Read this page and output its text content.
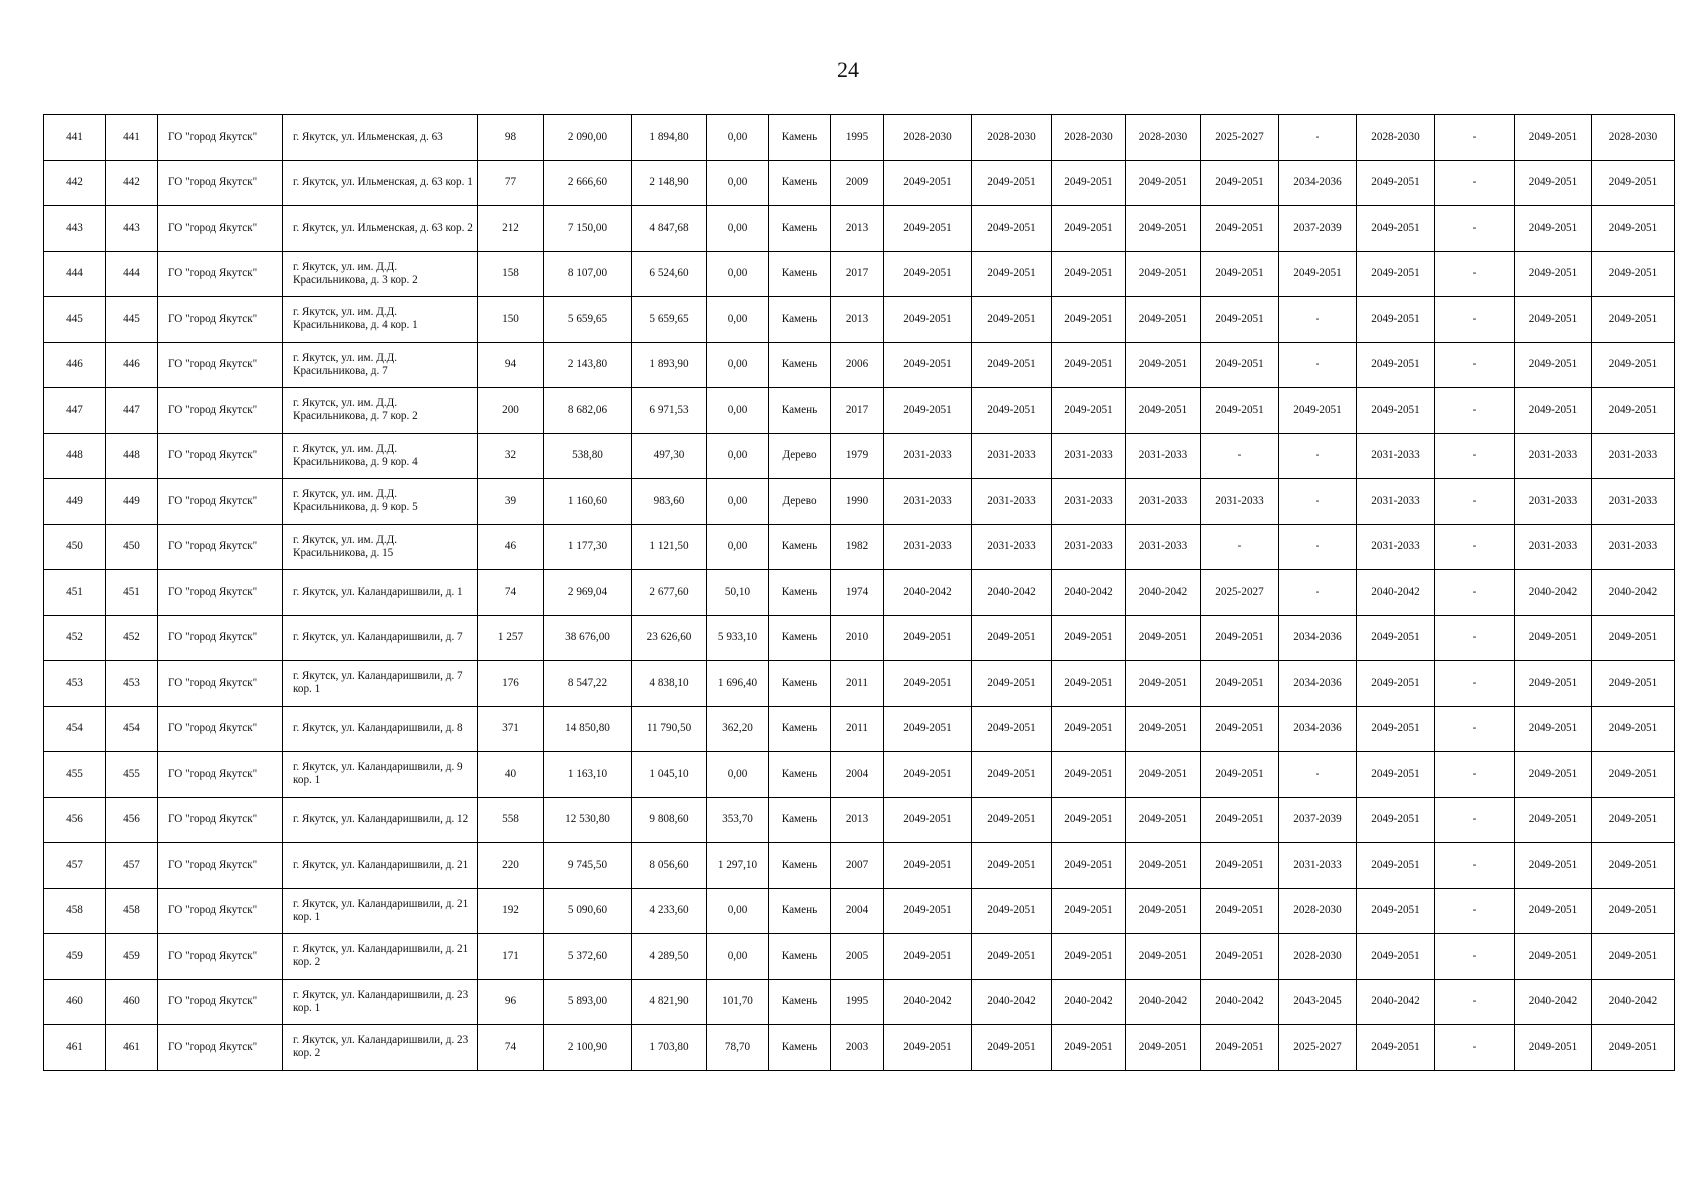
24
441	441	ГО "город Якутск"	г. Якутск, ул. Ильменская, д. 63	98	2 090,00	1 894,80	0,00	Камень	1995	2028-2030	2028-2030	2028-2030	2028-2030	2025-2027	-	2028-2030	-	2049-2051	2028-2030
442	442	ГО "город Якутск"	г. Якутск, ул. Ильменская, д. 63 кор. 1	77	2 666,60	2 148,90	0,00	Камень	2009	2049-2051	2049-2051	2049-2051	2049-2051	2049-2051	2034-2036	2049-2051	-	2049-2051	2049-2051
443	443	ГО "город Якутск"	г. Якутск, ул. Ильменская, д. 63 кор. 2	212	7 150,00	4 847,68	0,00	Камень	2013	2049-2051	2049-2051	2049-2051	2049-2051	2049-2051	2037-2039	2049-2051	-	2049-2051	2049-2051
444	444	ГО "город Якутск"	г. Якутск, ул. им. Д.Д. Красильникова, д. 3 кор. 2	158	8 107,00	6 524,60	0,00	Камень	2017	2049-2051	2049-2051	2049-2051	2049-2051	2049-2051	2049-2051	2049-2051	-	2049-2051	2049-2051
445	445	ГО "город Якутск"	г. Якутск, ул. им. Д.Д. Красильникова, д. 4 кор. 1	150	5 659,65	5 659,65	0,00	Камень	2013	2049-2051	2049-2051	2049-2051	2049-2051	2049-2051	-	2049-2051	-	2049-2051	2049-2051
446	446	ГО "город Якутск"	г. Якутск, ул. им. Д.Д. Красильникова, д. 7	94	2 143,80	1 893,90	0,00	Камень	2006	2049-2051	2049-2051	2049-2051	2049-2051	2049-2051	-	2049-2051	-	2049-2051	2049-2051
447	447	ГО "город Якутск"	г. Якутск, ул. им. Д.Д. Красильникова, д. 7 кор. 2	200	8 682,06	6 971,53	0,00	Камень	2017	2049-2051	2049-2051	2049-2051	2049-2051	2049-2051	2049-2051	2049-2051	-	2049-2051	2049-2051
448	448	ГО "город Якутск"	г. Якутск, ул. им. Д.Д. Красильникова, д. 9 кор. 4	32	538,80	497,30	0,00	Дерево	1979	2031-2033	2031-2033	2031-2033	2031-2033	-	-	2031-2033	-	2031-2033	2031-2033
449	449	ГО "город Якутск"	г. Якутск, ул. им. Д.Д. Красильникова, д. 9 кор. 5	39	1 160,60	983,60	0,00	Дерево	1990	2031-2033	2031-2033	2031-2033	2031-2033	2031-2033	-	2031-2033	-	2031-2033	2031-2033
450	450	ГО "город Якутск"	г. Якутск, ул. им. Д.Д. Красильникова, д. 15	46	1 177,30	1 121,50	0,00	Камень	1982	2031-2033	2031-2033	2031-2033	2031-2033	-	-	2031-2033	-	2031-2033	2031-2033
451	451	ГО "город Якутск"	г. Якутск, ул. Каландаришвили, д. 1	74	2 969,04	2 677,60	50,10	Камень	1974	2040-2042	2040-2042	2040-2042	2040-2042	2025-2027	-	2040-2042	-	2040-2042	2040-2042
452	452	ГО "город Якутск"	г. Якутск, ул. Каландаришвили, д. 7	1 257	38 676,00	23 626,60	5 933,10	Камень	2010	2049-2051	2049-2051	2049-2051	2049-2051	2049-2051	2034-2036	2049-2051	-	2049-2051	2049-2051
453	453	ГО "город Якутск"	г. Якутск, ул. Каландаришвили, д. 7 кор. 1	176	8 547,22	4 838,10	1 696,40	Камень	2011	2049-2051	2049-2051	2049-2051	2049-2051	2049-2051	2034-2036	2049-2051	-	2049-2051	2049-2051
454	454	ГО "город Якутск"	г. Якутск, ул. Каландаришвили, д. 8	371	14 850,80	11 790,50	362,20	Камень	2011	2049-2051	2049-2051	2049-2051	2049-2051	2049-2051	2034-2036	2049-2051	-	2049-2051	2049-2051
455	455	ГО "город Якутск"	г. Якутск, ул. Каландаришвили, д. 9 кор. 1	40	1 163,10	1 045,10	0,00	Камень	2004	2049-2051	2049-2051	2049-2051	2049-2051	2049-2051	-	2049-2051	-	2049-2051	2049-2051
456	456	ГО "город Якутск"	г. Якутск, ул. Каландаришвили, д. 12	558	12 530,80	9 808,60	353,70	Камень	2013	2049-2051	2049-2051	2049-2051	2049-2051	2049-2051	2037-2039	2049-2051	-	2049-2051	2049-2051
457	457	ГО "город Якутск"	г. Якутск, ул. Каландаришвили, д. 21	220	9 745,50	8 056,60	1 297,10	Камень	2007	2049-2051	2049-2051	2049-2051	2049-2051	2049-2051	2031-2033	2049-2051	-	2049-2051	2049-2051
458	458	ГО "город Якутск"	г. Якутск, ул. Каландаришвили, д. 21 кор. 1	192	5 090,60	4 233,60	0,00	Камень	2004	2049-2051	2049-2051	2049-2051	2049-2051	2049-2051	2028-2030	2049-2051	-	2049-2051	2049-2051
459	459	ГО "город Якутск"	г. Якутск, ул. Каландаришвили, д. 21 кор. 2	171	5 372,60	4 289,50	0,00	Камень	2005	2049-2051	2049-2051	2049-2051	2049-2051	2049-2051	2028-2030	2049-2051	-	2049-2051	2049-2051
460	460	ГО "город Якутск"	г. Якутск, ул. Каландаришвили, д. 23 кор. 1	96	5 893,00	4 821,90	101,70	Камень	1995	2040-2042	2040-2042	2040-2042	2040-2042	2040-2042	2043-2045	2040-2042	-	2040-2042	2040-2042
461	461	ГО "город Якутск"	г. Якутск, ул. Каландаришвили, д. 23 кор. 2	74	2 100,90	1 703,80	78,70	Камень	2003	2049-2051	2049-2051	2049-2051	2049-2051	2049-2051	2025-2027	2049-2051	-	2049-2051	2049-2051
